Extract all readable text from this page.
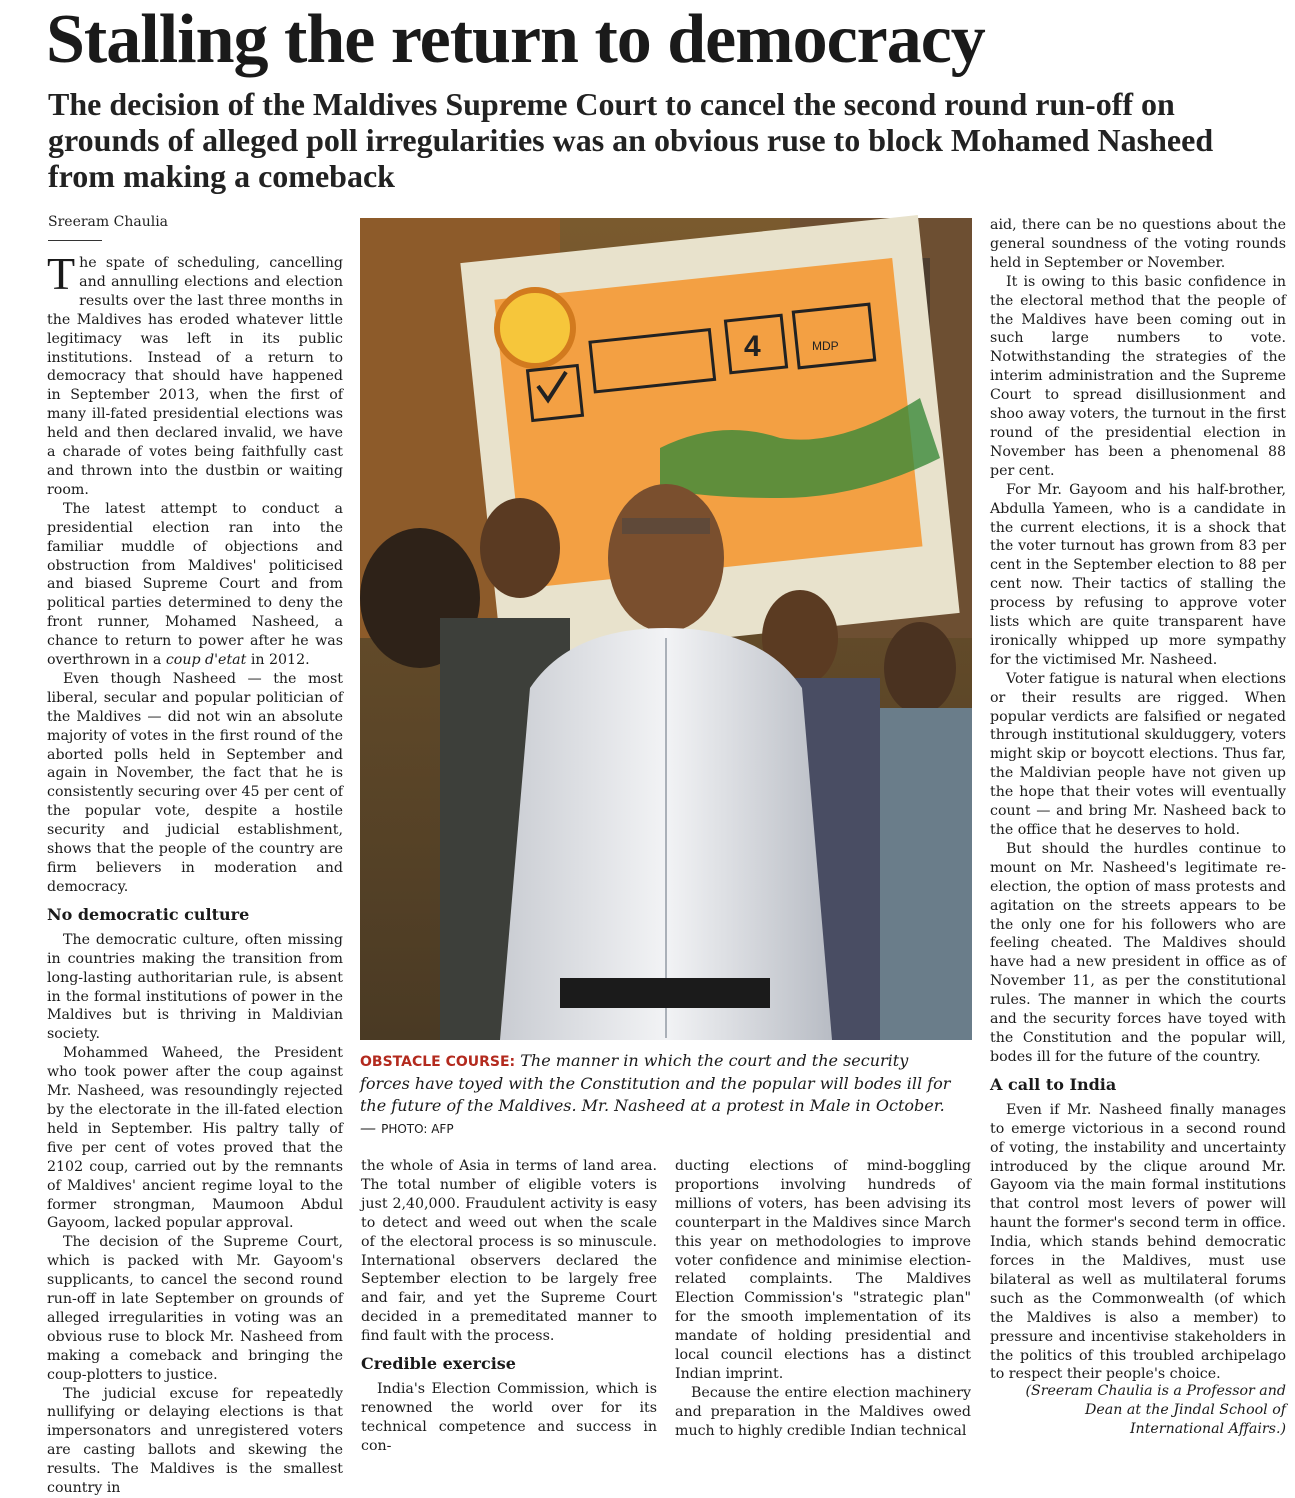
Stalling the return to democracy
The decision of the Maldives Supreme Court to cancel the second round run-off on grounds of alleged poll irregularities was an obvious ruse to block Mohamed Nasheed from making a comeback
Sreeram Chaulia

The spate of scheduling, cancelling and annulling elections and election results over the last three months in the Maldives has eroded whatever little legitimacy was left in its public institutions. Instead of a return to democracy that should have happened in September 2013, when the first of many ill-fated presidential elections was held and then declared invalid, we have a charade of votes being faithfully cast and thrown into the dustbin or waiting room.

The latest attempt to conduct a presidential election ran into the familiar muddle of objections and obstruction from Maldives' politicised and biased Supreme Court and from political parties determined to deny the front runner, Mohamed Nasheed, a chance to return to power after he was overthrown in a coup d'etat in 2012.

Even though Nasheed — the most liberal, secular and popular politician of the Maldives — did not win an absolute majority of votes in the first round of the aborted polls held in September and again in November, the fact that he is consistently securing over 45 per cent of the popular vote, despite a hostile security and judicial establishment, shows that the people of the country are firm believers in moderation and democracy.

No democratic culture

The democratic culture, often missing in countries making the transition from long-lasting authoritarian rule, is absent in the formal institutions of power in the Maldives but is thriving in Maldivian society.

Mohammed Waheed, the President who took power after the coup against Mr. Nasheed, was resoundingly rejected by the electorate in the ill-fated election held in September. His paltry tally of five per cent of votes proved that the 2102 coup, carried out by the remnants of Maldives' ancient regime loyal to the former strongman, Maumoon Abdul Gayoom, lacked popular approval.

The decision of the Supreme Court, which is packed with Mr. Gayoom's supplicants, to cancel the second round run-off in late September on grounds of alleged irregularities in voting was an obvious ruse to block Mr. Nasheed from making a comeback and bringing the coup-plotters to justice.

The judicial excuse for repeatedly nullifying or delaying elections is that impersonators and unregistered voters are casting ballots and skewing the results. The Maldives is the smallest country in

4	MDP
OBSTACLE COURSE: The manner in which the court and the security forces have toyed with the Constitution and the popular will bodes ill for the future of the Maldives. Mr. Nasheed at a protest in Male in October. — PHOTO: AFP

the whole of Asia in terms of land area. The total number of eligible voters is just 2,40,000. Fraudulent activity is easy to detect and weed out when the scale of the electoral process is so minuscule. International observers declared the September election to be largely free and fair, and yet the Supreme Court decided in a premeditated manner to find fault with the process.

Credible exercise

India's Election Commission, which is renowned the world over for its technical competence and success in con-

ducting elections of mind-boggling proportions involving hundreds of millions of voters, has been advising its counterpart in the Maldives since March this year on methodologies to improve voter confidence and minimise election-related complaints. The Maldives Election Commission's "strategic plan" for the smooth implementation of its mandate of holding presidential and local council elections has a distinct Indian imprint.

Because the entire election machinery and preparation in the Maldives owed much to highly credible Indian technical

aid, there can be no questions about the general soundness of the voting rounds held in September or November.

It is owing to this basic confidence in the electoral method that the people of the Maldives have been coming out in such large numbers to vote. Notwithstanding the strategies of the interim administration and the Supreme Court to spread disillusionment and shoo away voters, the turnout in the first round of the presidential election in November has been a phenomenal 88 per cent.

For Mr. Gayoom and his half-brother, Abdulla Yameen, who is a candidate in the current elections, it is a shock that the voter turnout has grown from 83 per cent in the September election to 88 per cent now. Their tactics of stalling the process by refusing to approve voter lists which are quite transparent have ironically whipped up more sympathy for the victimised Mr. Nasheed.

Voter fatigue is natural when elections or their results are rigged. When popular verdicts are falsified or negated through institutional skulduggery, voters might skip or boycott elections. Thus far, the Maldivian people have not given up the hope that their votes will eventually count — and bring Mr. Nasheed back to the office that he deserves to hold.

But should the hurdles continue to mount on Mr. Nasheed's legitimate re-election, the option of mass protests and agitation on the streets appears to be the only one for his followers who are feeling cheated. The Maldives should have had a new president in office as of November 11, as per the constitutional rules. The manner in which the courts and the security forces have toyed with the Constitution and the popular will, bodes ill for the future of the country.

A call to India

Even if Mr. Nasheed finally manages to emerge victorious in a second round of voting, the instability and uncertainty introduced by the clique around Mr. Gayoom via the main formal institutions that control most levers of power will haunt the former's second term in office. India, which stands behind democratic forces in the Maldives, must use bilateral as well as multilateral forums such as the Commonwealth (of which the Maldives is also a member) to pressure and incentivise stakeholders in the politics of this troubled archipelago to respect their people's choice.

(Sreeram Chaulia is a Professor and Dean at the Jindal School of International Affairs.)
